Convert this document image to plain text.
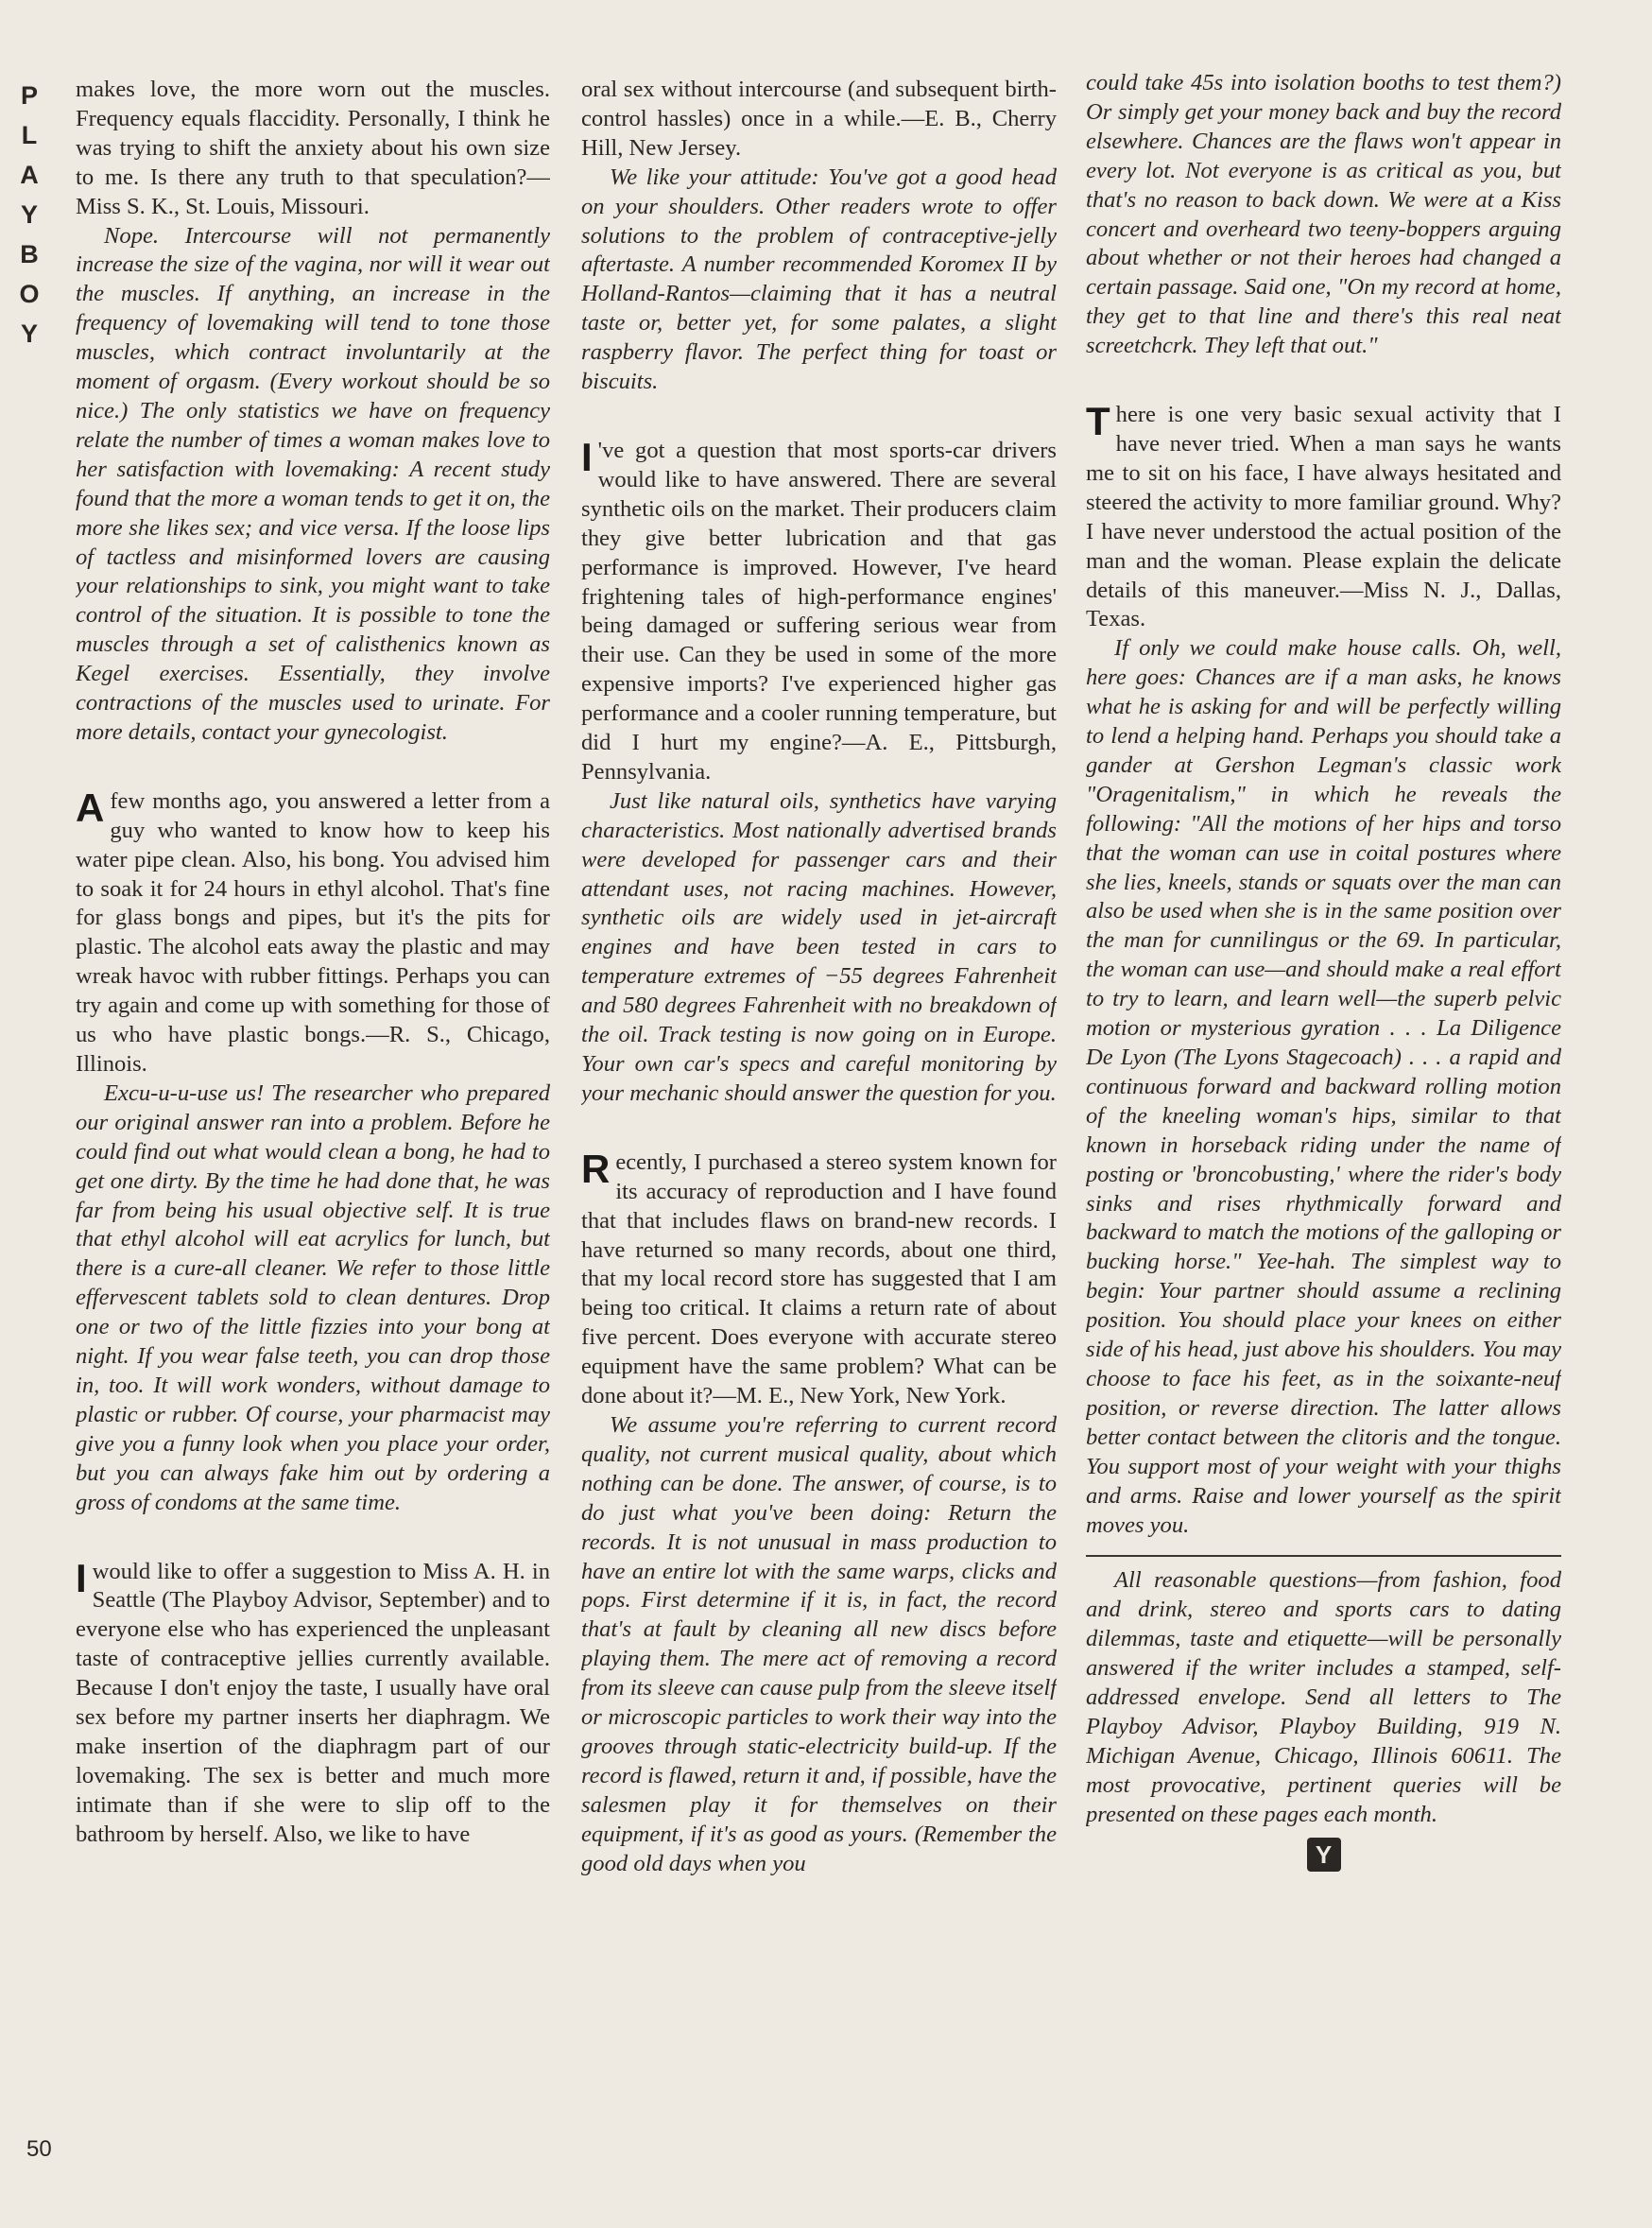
P
L
A
Y
B
O
Y
50

makes love, the more worn out the muscles. Frequency equals flaccidity. Personally, I think he was trying to shift the anxiety about his own size to me. Is there any truth to that speculation?—Miss S. K., St. Louis, Missouri.

Nope. Intercourse will not permanently increase the size of the vagina, nor will it wear out the muscles. If anything, an increase in the frequency of lovemaking will tend to tone those muscles, which contract involuntarily at the moment of orgasm. (Every workout should be so nice.) The only statistics we have on frequency relate the number of times a woman makes love to her satisfaction with lovemaking: A recent study found that the more a woman tends to get it on, the more she likes sex; and vice versa. If the loose lips of tactless and misinformed lovers are causing your relationships to sink, you might want to take control of the situation. It is possible to tone the muscles through a set of calisthenics known as Kegel exercises. Essentially, they involve contractions of the muscles used to urinate. For more details, contact your gynecologist.

A few months ago, you answered a letter from a guy who wanted to know how to keep his water pipe clean. Also, his bong. You advised him to soak it for 24 hours in ethyl alcohol. That's fine for glass bongs and pipes, but it's the pits for plastic. The alcohol eats away the plastic and may wreak havoc with rubber fittings. Perhaps you can try again and come up with something for those of us who have plastic bongs.—R. S., Chicago, Illinois.

Excu-u-u-use us! The researcher who prepared our original answer ran into a problem. Before he could find out what would clean a bong, he had to get one dirty. By the time he had done that, he was far from being his usual objective self. It is true that ethyl alcohol will eat acrylics for lunch, but there is a cure-all cleaner. We refer to those little effervescent tablets sold to clean dentures. Drop one or two of the little fizzies into your bong at night. If you wear false teeth, you can drop those in, too. It will work wonders, without damage to plastic or rubber. Of course, your pharmacist may give you a funny look when you place your order, but you can always fake him out by ordering a gross of condoms at the same time.

I would like to offer a suggestion to Miss A. H. in Seattle (The Playboy Advisor, September) and to everyone else who has experienced the unpleasant taste of contraceptive jellies currently available. Because I don't enjoy the taste, I usually have oral sex before my partner inserts her diaphragm. We make insertion of the diaphragm part of our lovemaking. The sex is better and much more intimate than if she were to slip off to the bathroom by herself. Also, we like to have

oral sex without intercourse (and subsequent birth-control hassles) once in a while.—E. B., Cherry Hill, New Jersey.

We like your attitude: You've got a good head on your shoulders. Other readers wrote to offer solutions to the problem of contraceptive-jelly aftertaste. A number recommended Koromex II by Holland-Rantos—claiming that it has a neutral taste or, better yet, for some palates, a slight raspberry flavor. The perfect thing for toast or biscuits.

I 've got a question that most sports-car drivers would like to have answered. There are several synthetic oils on the market. Their producers claim they give better lubrication and that gas performance is improved. However, I've heard frightening tales of high-performance engines' being damaged or suffering serious wear from their use. Can they be used in some of the more expensive imports? I've experienced higher gas performance and a cooler running temperature, but did I hurt my engine?—A. E., Pittsburgh, Pennsylvania.

Just like natural oils, synthetics have varying characteristics. Most nationally advertised brands were developed for passenger cars and their attendant uses, not racing machines. However, synthetic oils are widely used in jet-aircraft engines and have been tested in cars to temperature extremes of −55 degrees Fahrenheit and 580 degrees Fahrenheit with no breakdown of the oil. Track testing is now going on in Europe. Your own car's specs and careful monitoring by your mechanic should answer the question for you.

Recently, I purchased a stereo system known for its accuracy of reproduction and I have found that that includes flaws on brand-new records. I have returned so many records, about one third, that my local record store has suggested that I am being too critical. It claims a return rate of about five percent. Does everyone with accurate stereo equipment have the same problem? What can be done about it?—M. E., New York, New York.

We assume you're referring to current record quality, not current musical quality, about which nothing can be done. The answer, of course, is to do just what you've been doing: Return the records. It is not unusual in mass production to have an entire lot with the same warps, clicks and pops. First determine if it is, in fact, the record that's at fault by cleaning all new discs before playing them. The mere act of removing a record from its sleeve can cause pulp from the sleeve itself or microscopic particles to work their way into the grooves through static-electricity build-up. If the record is flawed, return it and, if possible, have the salesmen play it for themselves on their equipment, if it's as good as yours. (Remember the good old days when you

could take 45s into isolation booths to test them?) Or simply get your money back and buy the record elsewhere. Chances are the flaws won't appear in every lot. Not everyone is as critical as you, but that's no reason to back down. We were at a Kiss concert and overheard two teeny-boppers arguing about whether or not their heroes had changed a certain passage. Said one, "On my record at home, they get to that line and there's this real neat screetchcrk. They left that out."

There is one very basic sexual activity that I have never tried. When a man says he wants me to sit on his face, I have always hesitated and steered the activity to more familiar ground. Why? I have never understood the actual position of the man and the woman. Please explain the delicate details of this maneuver.—Miss N. J., Dallas, Texas.

If only we could make house calls. Oh, well, here goes: Chances are if a man asks, he knows what he is asking for and will be perfectly willing to lend a helping hand. Perhaps you should take a gander at Gershon Legman's classic work "Oragenitalism," in which he reveals the following: "All the motions of her hips and torso that the woman can use in coital postures where she lies, kneels, stands or squats over the man can also be used when she is in the same position over the man for cunnilingus or the 69. In particular, the woman can use—and should make a real effort to try to learn, and learn well—the superb pelvic motion or mysterious gyration . . . La Diligence De Lyon (The Lyons Stagecoach) . . . a rapid and continuous forward and backward rolling motion of the kneeling woman's hips, similar to that known in horseback riding under the name of posting or 'broncobusting,' where the rider's body sinks and rises rhythmically forward and backward to match the motions of the galloping or bucking horse." Yee-hah. The simplest way to begin: Your partner should assume a reclining position. You should place your knees on either side of his head, just above his shoulders. You may choose to face his feet, as in the soixante-neuf position, or reverse direction. The latter allows better contact between the clitoris and the tongue. You support most of your weight with your thighs and arms. Raise and lower yourself as the spirit moves you.

All reasonable questions—from fashion, food and drink, stereo and sports cars to dating dilemmas, taste and etiquette—will be personally answered if the writer includes a stamped, self-addressed envelope. Send all letters to The Playboy Advisor, Playboy Building, 919 N. Michigan Avenue, Chicago, Illinois 60611. The most provocative, pertinent queries will be presented on these pages each month.

Y
